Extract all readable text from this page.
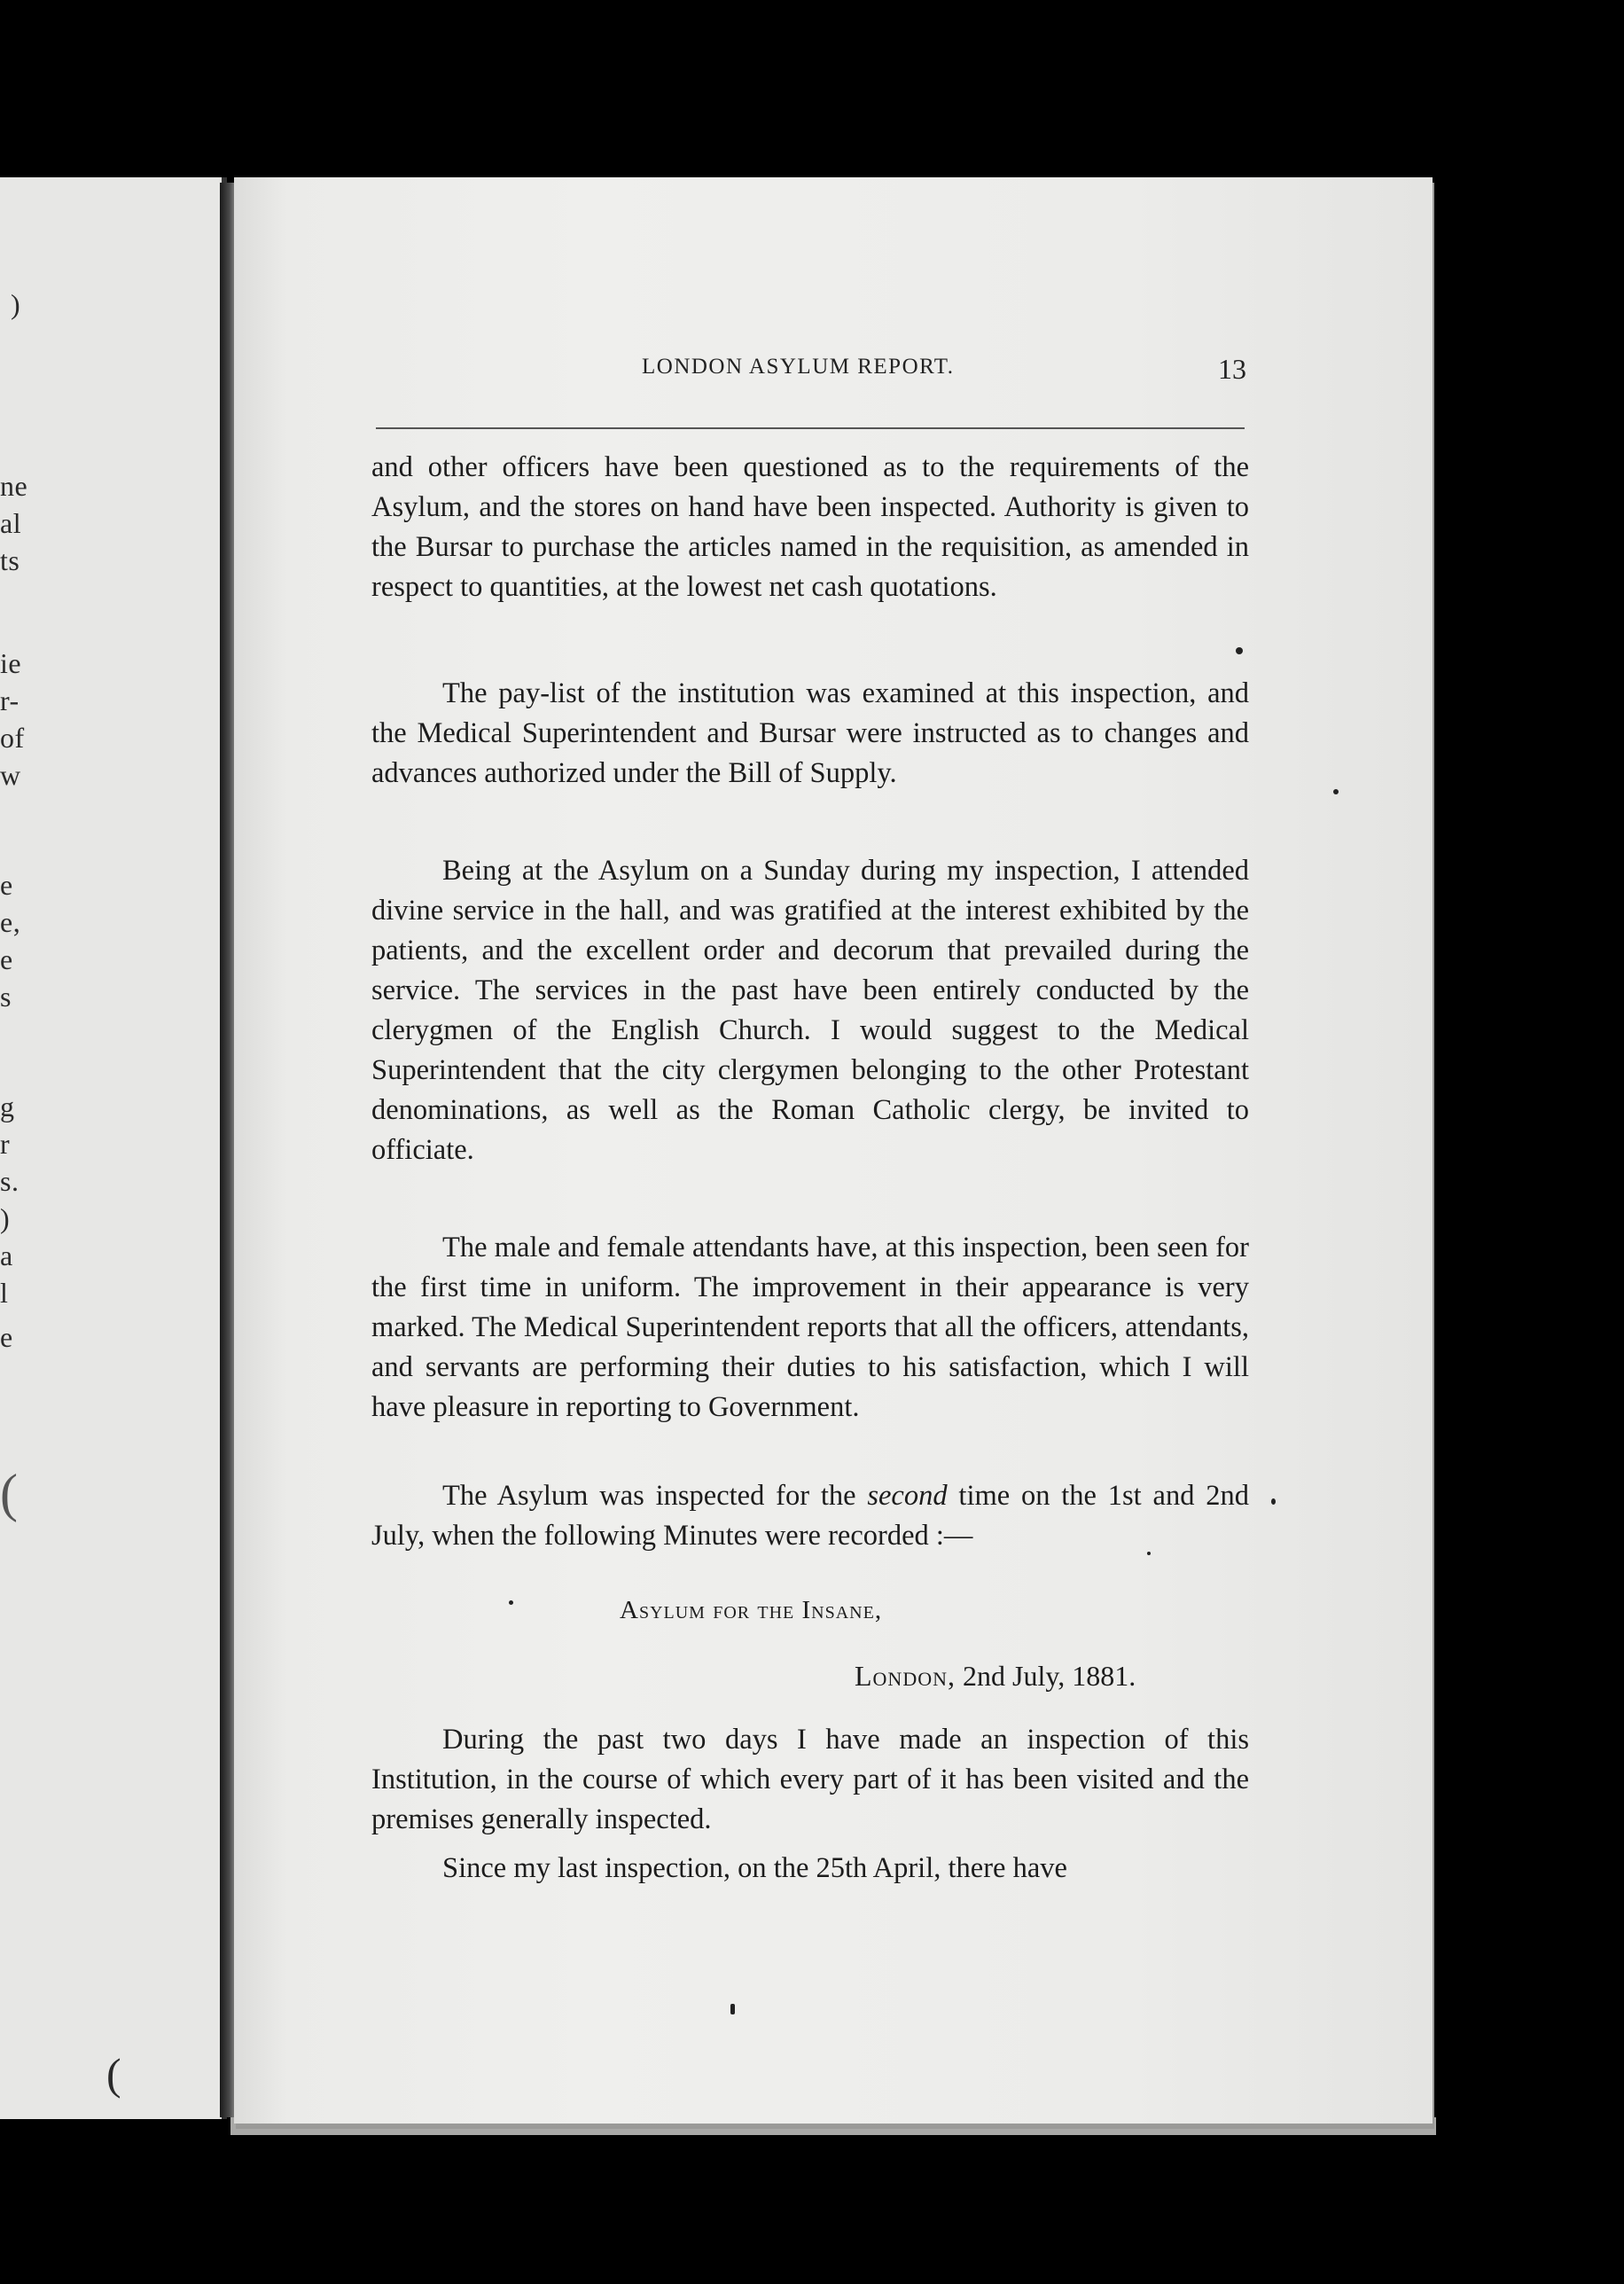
)
ne
al
ts
ie
r-
of
w
e
e,
e
s
g
r
s.
)
a
l
e
(
(
LONDON ASYLUM REPORT.	13

and other officers have been questioned as to the requirements of the Asylum, and the stores on hand have been inspected. Authority is given to the Bursar to purchase the articles named in the requisition, as amended in respect to quantities, at the lowest net cash quotations.

The pay-list of the institution was examined at this inspection, and the Medical Superintendent and Bursar were instructed as to changes and advances authorized under the Bill of Supply.

Being at the Asylum on a Sunday during my inspection, I attended divine service in the hall, and was gratified at the interest exhibited by the patients, and the excellent order and decorum that prevailed during the service. The services in the past have been entirely conducted by the clerygmen of the English Church. I would suggest to the Medical Superintendent that the city clergymen belonging to the other Protestant denominations, as well as the Roman Catholic clergy, be invited to officiate.

The male and female attendants have, at this inspection, been seen for the first time in uniform. The improvement in their appearance is very marked. The Medical Superintendent reports that all the officers, attendants, and servants are performing their duties to his satisfaction, which I will have pleasure in reporting to Government.

The Asylum was inspected for the second time on the 1st and 2nd July, when the following Minutes were recorded :—

Asylum for the Insane,
London, 2nd July, 1881.

During the past two days I have made an inspection of this Institution, in the course of which every part of it has been visited and the premises generally inspected.

Since my last inspection, on the 25th April, there have
